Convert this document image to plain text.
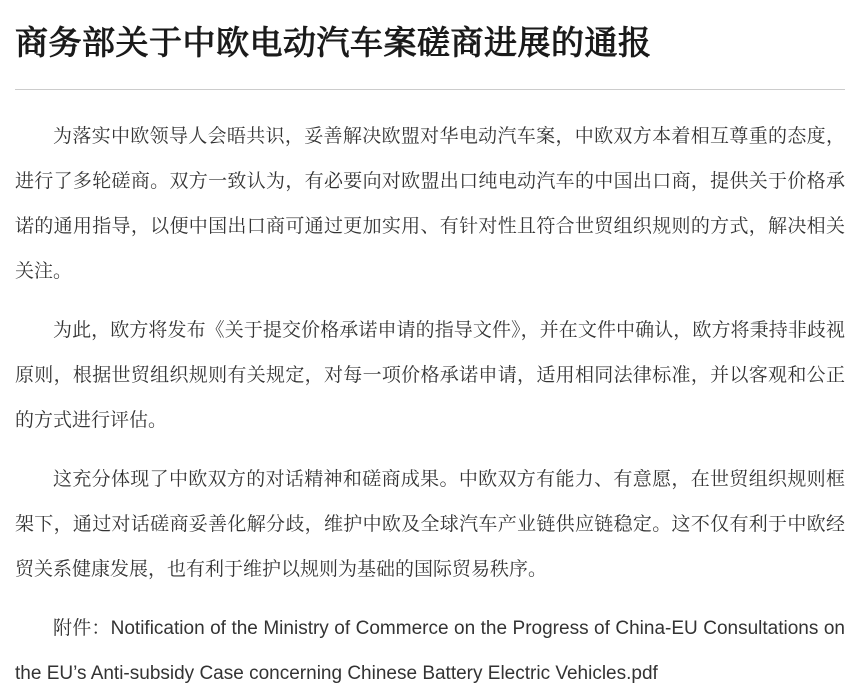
商务部关于中欧电动汽车案磋商进展的通报

为落实中欧领导人会晤共识，妥善解决欧盟对华电动汽车案，中欧双方本着相互尊重的态度，进行了多轮磋商。双方一致认为，有必要向对欧盟出口纯电动汽车的中国出口商，提供关于价格承诺的通用指导，以便中国出口商可通过更加实用、有针对性且符合世贸组织规则的方式，解决相关关注。

为此，欧方将发布《关于提交价格承诺申请的指导文件》，并在文件中确认，欧方将秉持非歧视原则，根据世贸组织规则有关规定，对每一项价格承诺申请，适用相同法律标准，并以客观和公正的方式进行评估。

这充分体现了中欧双方的对话精神和磋商成果。中欧双方有能力、有意愿，在世贸组织规则框架下，通过对话磋商妥善化解分歧，维护中欧及全球汽车产业链供应链稳定。这不仅有利于中欧经贸关系健康发展，也有利于维护以规则为基础的国际贸易秩序。

附件：Notification of the Ministry of Commerce on the Progress of China-EU Consultations on the EU’s Anti-subsidy Case concerning Chinese Battery Electric Vehicles.pdf
